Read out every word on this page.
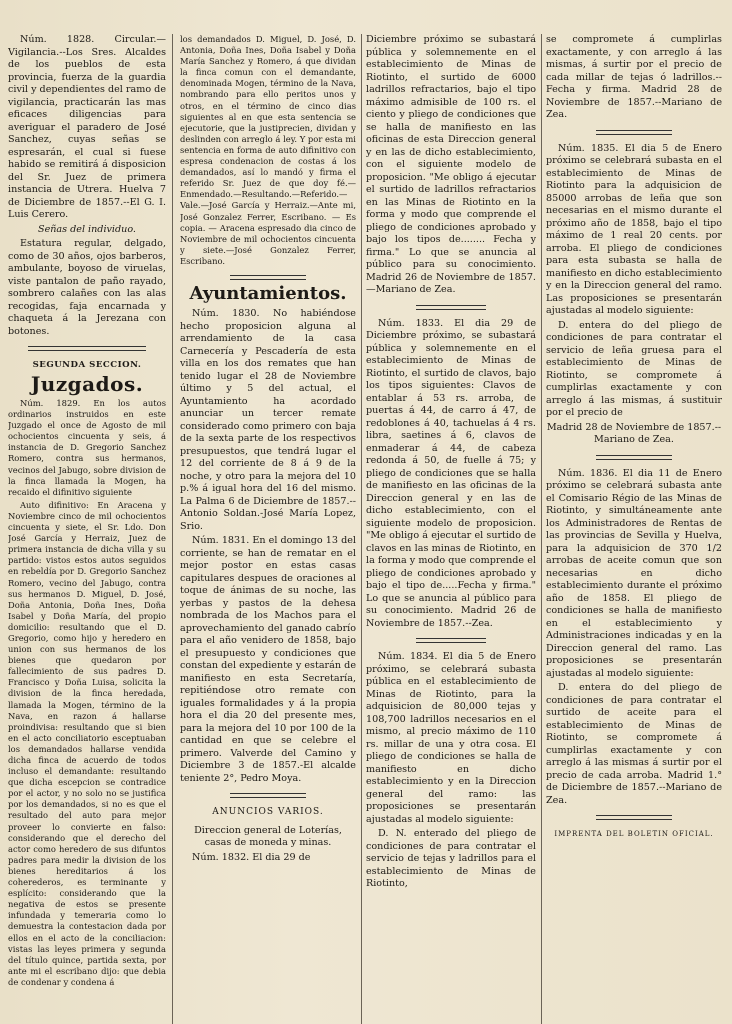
Núm. 1828. Circular.— Vigilancia.--Los Sres. Alcaldes de los pueblos de esta provincia, fuerza de la guardia civil y dependientes del ramo de vigilancia, practicarán las mas eficaces diligencias para averiguar el paradero de José Sanchez, cuyas señas se espresarán, el cual si fuese habido se remitirá á disposicion del Sr. Juez de primera instancia de Utrera. Huelva 7 de Diciembre de 1857.--El G. I. Luis Cerero.

Señas del individuo.

Estatura regular, delgado, como de 30 años, ojos barberos, ambulante, boyoso de viruelas, viste pantalon de paño rayado, sombrero calañes con las alas recogidas, faja encarnada y chaqueta á la Jerezana con botones.

SEGUNDA SECCION.
Juzgados.

Núm. 1829. En los autos ordinarios instruidos en este Juzgado el once de Agosto de mil ochocientos cincuenta y seis, á instancia de D. Gregorio Sanchez Romero, contra sus hermanos, vecinos del Jabugo, sobre division de la finca llamada la Mogen, ha recaido el difinitivo siguiente

Auto difinitivo: En Aracena y Noviembre cinco de mil ochocientos cincuenta y siete, el Sr. Ldo. Don José García y Herraiz, Juez de primera instancia de dicha villa y su partido: vistos estos autos seguidos en rebeldía por D. Gregorio Sanchez Romero, vecino del Jabugo, contra sus hermanos D. Miguel, D. José, Doña Antonia, Doña Ines, Doña Isabel y Doña María, del propio domicilio: resultando que el D. Gregorio, como hijo y heredero en union con sus hermanos de los bienes que quedaron por fallecimiento de sus padres D. Francisco y Doña Luisa, solicita la division de la finca heredada, llamada la Mogen, término de la Nava, en razon á hallarse proindivisa: resultando que si bien en el acto conciliatorio esceptuaban los demandados hallarse vendida dicha finca de acuerdo de todos incluso el demandante: resultando que dicha escepcion se contradice por el actor, y no solo no se justifica por los demandados, si no es que el resultado del auto para mejor proveer lo convierte en falso: considerando que el derecho del actor como heredero de sus difuntos padres para medir la division de los bienes hereditarios á los coherederos, es terminante y esplícito: considerando que la negativa de estos se presente infundada y temeraria como lo demuestra la contestacion dada por ellos en el acto de la conciliacion: vistas las leyes primera y segunda del título quince, partida sexta, por ante mi el escribano dijo: que debia de condenar y condena á

los demandados D. Miguel, D. José, D. Antonia, Doña Ines, Doña Isabel y Doña María Sanchez y Romero, á que dividan la finca comun con el demandante, denominada Mogen, término de la Nava, nombrando para ello peritos unos y otros, en el término de cinco dias siguientes al en que esta sentencia se ejecutorie, que la justiprecien, dividan y deslinden con arreglo á ley. Y por esta mi sentencia en forma de auto difinitivo con espresa condenacion de costas á los demandados, así lo mandó y firma el referido Sr. Juez de que doy fé.—Enmendado.—Resultando.—Referido.—Vale.—José García y Herraiz.—Ante mi, José Gonzalez Ferrer, Escribano. — Es copia. — Aracena espresado dia cinco de Noviembre de mil ochocientos cincuenta y siete.—José Gonzalez Ferrer, Escribano.

Ayuntamientos.

Núm. 1830. No habiéndose hecho proposicion alguna al arrendamiento de la casa Carnecería y Pescadería de esta villa en los dos remates que han tenido lugar el 28 de Noviembre último y 5 del actual, el Ayuntamiento ha acordado anunciar un tercer remate considerado como primero con baja de la sexta parte de los respectivos presupuestos, que tendrá lugar el 12 del corriente de 8 á 9 de la noche, y otro para la mejora del 10 p.% á igual hora del 16 del mismo. La Palma 6 de Diciembre de 1857.--Antonio Soldan.-José María Lopez, Srio.

Núm. 1831. En el domingo 13 del corriente, se han de rematar en el mejor postor en estas casas capitulares despues de oraciones al toque de ánimas de su noche, las yerbas y pastos de la dehesa nombrada de los Machos para el aprovechamiento del ganado cabrío para el año venidero de 1858, bajo el presupuesto y condiciones que constan del expediente y estarán de manifiesto en esta Secretaría, repitiéndose otro remate con iguales formalidades y á la propia hora el dia 20 del presente mes, para la mejora del 10 por 100 de la cantidad en que se celebre el primero. Valverde del Camino y Diciembre 3 de 1857.-El alcalde teniente 2°, Pedro Moya.

ANUNCIOS VARIOS.

Direccion general de Loterías, casas de moneda y minas.

Núm. 1832. El dia 29 de

Diciembre próximo se subastará pública y solemnemente en el establecimiento de Minas de Riotinto, el surtido de 6000 ladrillos refractarios, bajo el tipo máximo admisible de 100 rs. el ciento y pliego de condiciones que se halla de manifiesto en las oficinas de esta Direccion general y en las de dicho establecimiento, con el siguiente modelo de proposicion. "Me obligo á ejecutar el surtido de ladrillos refractarios en las Minas de Riotinto en la forma y modo que comprende el pliego de condiciones aprobado y bajo los tipos de........ Fecha y firma." Lo que se anuncia al público para su conocimiento. Madrid 26 de Noviembre de 1857.—Mariano de Zea.

Núm. 1833. El dia 29 de Diciembre próximo, se subastará pública y solemnemente en el establecimiento de Minas de Riotinto, el surtido de clavos, bajo los tipos siguientes: Clavos de entablar á 53 rs. arroba, de puertas á 44, de carro á 47, de redoblones á 40, tachuelas á 4 rs. libra, saetines á 6, clavos de enmaderar á 44, de cabeza redonda á 50, de fuelle á 75; y pliego de condiciones que se halla de manifiesto en las oficinas de la Direccion general y en las de dicho establecimiento, con el siguiente modelo de proposicion. "Me obligo á ejecutar el surtido de clavos en las minas de Riotinto, en la forma y modo que comprende el pliego de condiciones aprobado y bajo el tipo de.....Fecha y firma." Lo que se anuncia al público para su conocimiento. Madrid 26 de Noviembre de 1857.--Zea.

Núm. 1834. El dia 5 de Enero próximo, se celebrará subasta pública en el establecimiento de Minas de Riotinto, para la adquisicion de 80,000 tejas y 108,700 ladrillos necesarios en el mismo, al precio máximo de 110 rs. millar de una y otra cosa. El pliego de condiciones se halla de manifiesto en dicho establecimiento y en la Direccion general del ramo: las proposiciones se presentarán ajustadas al modelo siguiente:

D. N. enterado del pliego de condiciones de para contratar el servicio de tejas y ladrillos para el establecimiento de Minas de Riotinto,

se compromete á cumplirlas exactamente, y con arreglo á las mismas, á surtir por el precio de cada millar de tejas ó ladrillos.--Fecha y firma. Madrid 28 de Noviembre de 1857.--Mariano de Zea.

Núm. 1835. El dia 5 de Enero próximo se celebrará subasta en el establecimiento de Minas de Riotinto para la adquisicion de 85000 arrobas de leña que son necesarias en el mismo durante el próximo año de 1858, bajo el tipo máximo de 1 real 20 cents. por arroba. El pliego de condiciones para esta subasta se halla de manifiesto en dicho establecimiento y en la Direccion general del ramo. Las proposiciones se presentarán ajustadas al modelo siguiente:

D. entera do del pliego de condiciones de para contratar el servicio de leña gruesa para el establecimiento de Minas de Riotinto, se compromete á cumplirlas exactamente y con arreglo á las mismas, á sustituir por el precio de

Madrid 28 de Noviembre de 1857.--Mariano de Zea.

Núm. 1836. El dia 11 de Enero próximo se celebrará subasta ante el Comisario Régio de las Minas de Riotinto, y simultáneamente ante los Administradores de Rentas de las provincias de Sevilla y Huelva, para la adquisicion de 370 1/2 arrobas de aceite comun que son necesarias en dicho establecimiento durante el próximo año de 1858. El pliego de condiciones se halla de manifiesto en el establecimiento y Administraciones indicadas y en la Direccion general del ramo. Las proposiciones se presentarán ajustadas al modelo siguiente:

D. entera do del pliego de condiciones de para contratar el surtido de aceite para el establecimiento de Minas de Riotinto, se compromete á cumplirlas exactamente y con arreglo á las mismas á surtir por el precio de cada arroba. Madrid 1.° de Diciembre de 1857.--Mariano de Zea.

IMPRENTA DEL BOLETIN OFICIAL.
